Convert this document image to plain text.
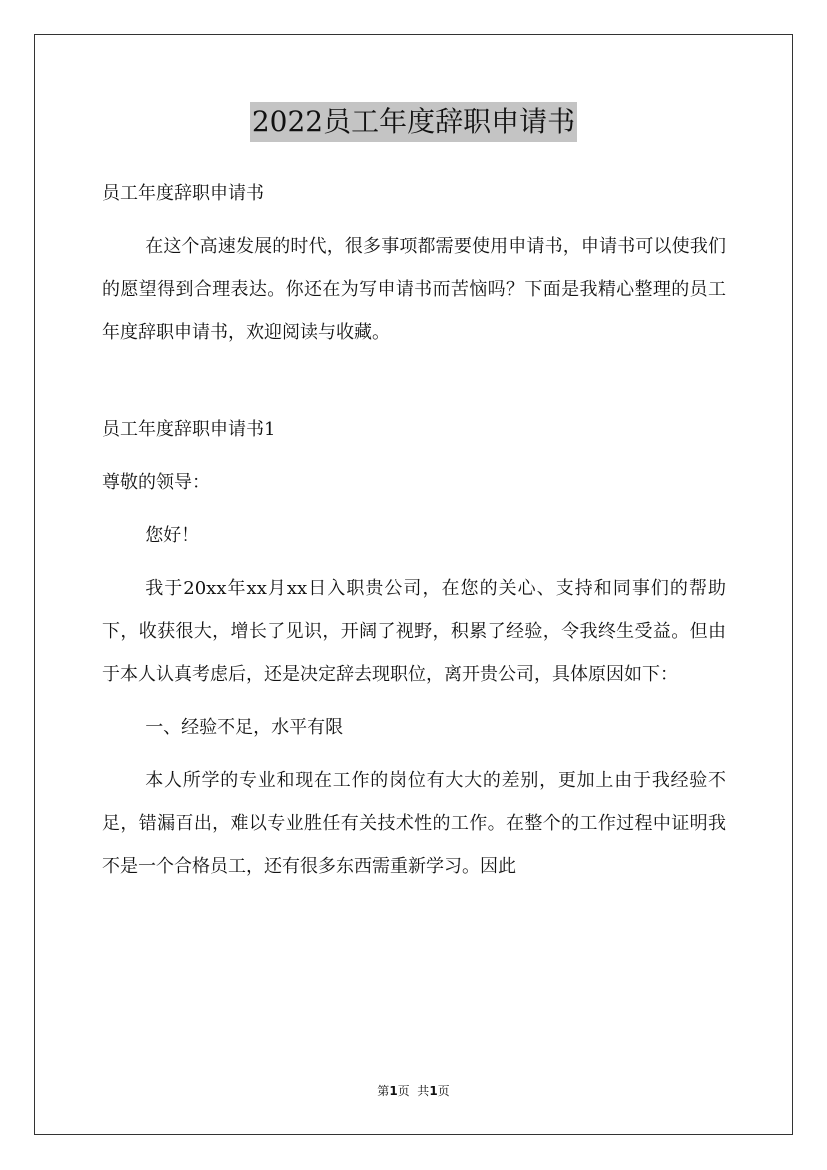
2022员工年度辞职申请书

员工年度辞职申请书

在这个高速发展的时代，很多事项都需要使用申请书，申请书可以使我们的愿望得到合理表达。你还在为写申请书而苦恼吗？下面是我精心整理的员工年度辞职申请书，欢迎阅读与收藏。

员工年度辞职申请书1

尊敬的领导：

您好！

我于20xx年xx月xx日入职贵公司，在您的关心、支持和同事们的帮助下，收获很大，增长了见识，开阔了视野，积累了经验，令我终生受益。但由于本人认真考虑后，还是决定辞去现职位，离开贵公司，具体原因如下：

一、经验不足，水平有限

本人所学的专业和现在工作的岗位有大大的差别，更加上由于我经验不足，错漏百出，难以专业胜任有关技术性的工作。在整个的工作过程中证明我不是一个合格员工，还有很多东西需重新学习。因此

第1页  共1页
